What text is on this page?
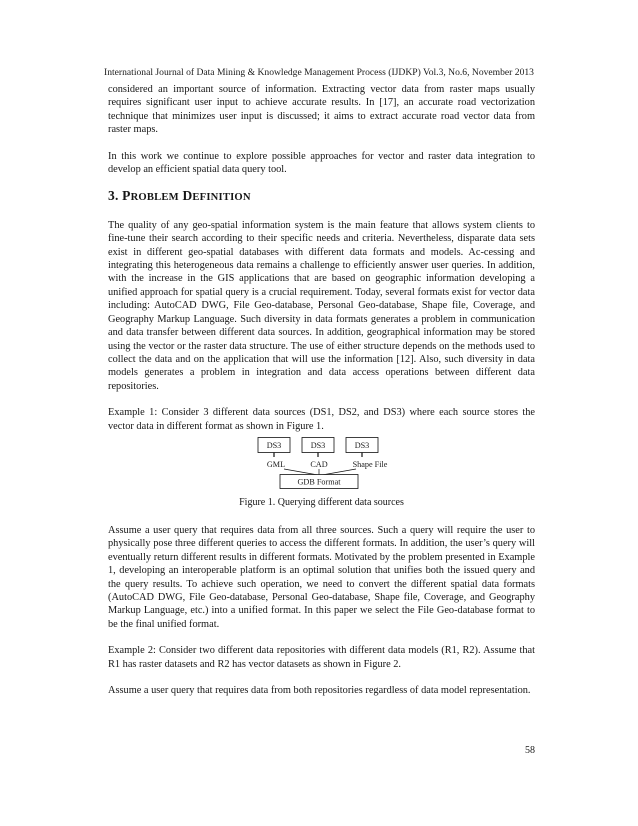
International Journal of Data Mining & Knowledge Management Process (IJDKP) Vol.3, No.6, November 2013

considered an important source of information. Extracting vector data from raster maps usually requires significant user input to achieve accurate results. In [17], an accurate road vectorization technique that minimizes user input is discussed; it aims to extract accurate road vector data from raster maps.

In this work we continue to explore possible approaches for vector and raster data integration to develop an efficient spatial data query tool.

3. PROBLEM DEFINITION

The quality of any geo-spatial information system is the main feature that allows system clients to fine-tune their search according to their specific needs and criteria. Nevertheless, disparate data sets exist in different geo-spatial databases with different data formats and models. Ac-cessing and integrating this heterogeneous data remains a challenge to efficiently answer user queries. In addition, with the increase in the GIS applications that are based on geographic information developing a unified approach for spatial query is a crucial requirement. Today, several formats exist for vector data including: AutoCAD DWG, File Geo-database, Personal Geo-database, Shape file, Coverage, and Geography Markup Language. Such diversity in data formats generates a problem in communication and data transfer between different data sources. In addition, geographical information may be stored using the vector or the raster data structure. The use of either structure depends on the methods used to collect the data and on the application that will use the information [12]. Also, such diversity in data models generates a problem in integration and data access operations between different data repositories.

Example 1: Consider 3 different data sources (DS1, DS2, and DS3) where each source stores the vector data in different format as shown in Figure 1.

DS3	DS3	DS3
GML	CAD	Shape File
GDB Format
Figure 1. Querying different data sources

Assume a user query that requires data from all three sources. Such a query will require the user to physically pose three different queries to access the different formats. In addition, the user’s query will eventually return different results in different formats. Motivated by the problem presented in Example 1, developing an interoperable platform is an optimal solution that unifies both the issued query and the query results. To achieve such operation, we need to convert the different spatial data formats (AutoCAD DWG, File Geo-database, Personal Geo-database, Shape file, Coverage, and Geography Markup Language, etc.) into a unified format. In this paper we select the File Geo-database format to be the final unified format.

Example 2: Consider two different data repositories with different data models (R1, R2). Assume that R1 has raster datasets and R2 has vector datasets as shown in Figure 2.

Assume a user query that requires data from both repositories regardless of data model representation.

58
